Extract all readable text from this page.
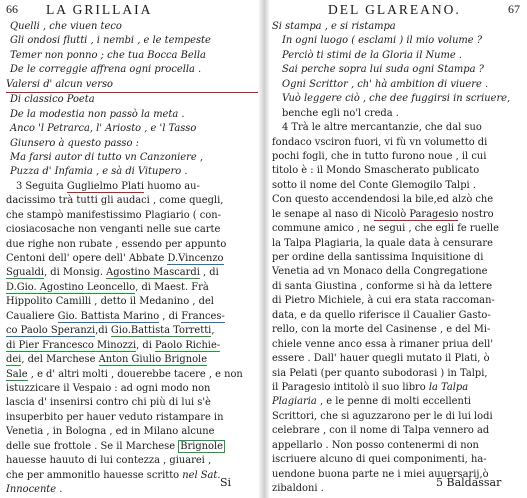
66 LA GRILLAIA
Quelli , che viuen teco
Gli ondosi flutti , i nembi , e le tempeste
Temer non ponno ; che tua Bocca Bella
De le correggie affrena ogni procella .
Valersi d' alcun verso
Di classico Poeta
De la modestia non passò la meta .
Anco 'l Petrarca, l' Ariosto , e 'l Tasso
Giunsero à questo passo :
Ma farsi autor di tutto vn Canzoniere ,
Puzza d' Infamia , e sà di Vitupero .
3 Seguita Guglielmo Plati huomo au-
dacissimo trà tutti gli audaci , come quegli,
che stampò manifestissimo Plagiario ( con-
ciosiacosache non venganti nelle sue carte
due righe non rubate , essendo per appunto
Centoni dell' opere dell' Abbate D.Vincenzo
Sgualdi, di Monsig. Agostino Mascardi , di
D.Gio. Agostino Leoncello, di Maest. Frà
Hippolito Camilli , detto il Medanino , del
Caualiere Gio. Battista Marino , di Frances-
co Paolo Speranzi,di Gio.Battista Torretti,
di Pier Francesco Minozzi, di Paolo Richie-
dei, del Marchese Anton Giulio Brignole
Sale , e d' altri molti , douerebbe tacere , e non
istuzzicare il Vespaio : ad ogni modo non
lascia d' insenirsi contro chi più di lui s'è
insuperbito per hauer veduto ristampare in
Venetia , in Bologna , ed in Milano alcune
delle sue frottole . Se il Marchese Brignole
hauesse hauuto di lui contezza , giuarei ,
che per ammonitlo hauesse scritto nel Sat.
Innocente .
Si
DEL GLAREANO.	67
Si stampa , e si ristampa
In ogni luogo ( esclami ) il mio volume ?
Perciò ti stimi de la Gloria il Nume .
Sai perche sopra lui suda ogni Stampa ?
Ogni Scrittor , ch' hà ambition di viuere .
Vuò leggere ciò , che dee fuggirsi in scriuere,
benche egli no'l creda .
4 Trà le altre mercantanzie, che dal suo
fondaco vsciron fuori, vi fù vn volumetto di
pochi fogli, che in tutto furono noue , il cui
titolo è : il Mondo Smascherato publicato
sotto il nome del Conte Glemogilo Talpi .
Con questo accendendosi la bile,ed alzò che
le senape al naso di Nicolò Paragesio nostro
commune amico , ne segui , che egli fe ruelle
la Talpa Plagiaria, la quale data à censurare
per ordine della santissima Inquisitione di
Venetia ad vn Monaco della Congregatione
di santa Giustina , conforme si hà da lettere
di Pietro Michiele, à cui era stata raccoman-
data, e da quello riferisce il Caualier Gasto-
rello, con la morte del Casinense , e del Mi-
chiele venne anco essa à rimaner priua dell'
essere . Dall' hauer quegli mutato il Plati, ò
sia Pelati (per quanto subodorasi ) in Talpi,
il Paragesio intitolò il suo libro la Talpa
Plagiaria , e le penne di molti eccellenti
Scrittori, che si aguzzarono per le di lui lodi
celebrare , con il nome di Talpa vennero ad
appellarlo . Non posso contenermi di non
iscriuere alcuno di quei componimenti, ha-
uendone buona parte ne i miei auuersarij,ò
zibaldoni .	5 Baldassar
